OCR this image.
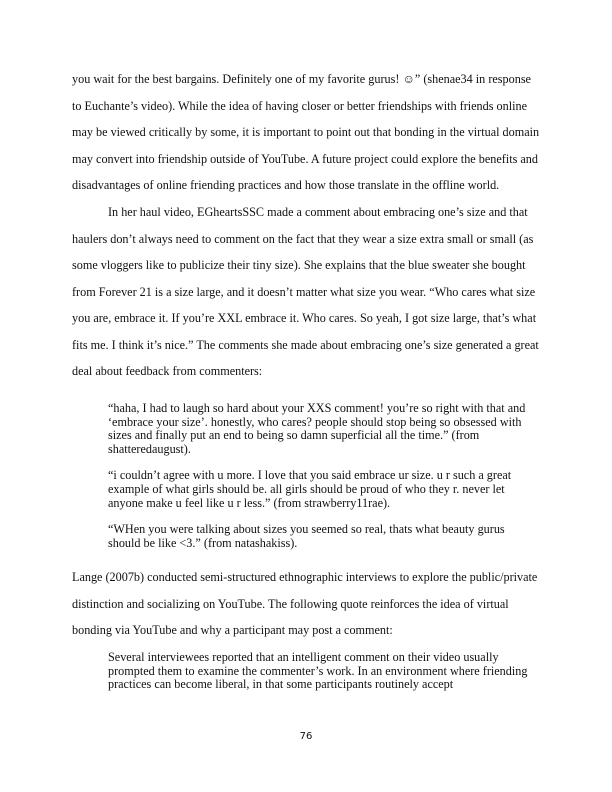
you wait for the best bargains. Definitely one of my favorite gurus! ☺” (shenae34 in response to Euchante’s video). While the idea of having closer or better friendships with friends online may be viewed critically by some, it is important to point out that bonding in the virtual domain may convert into friendship outside of YouTube. A future project could explore the benefits and disadvantages of online friending practices and how those translate in the offline world.

In her haul video, EGheartsSSC made a comment about embracing one’s size and that haulers don’t always need to comment on the fact that they wear a size extra small or small (as some vloggers like to publicize their tiny size). She explains that the blue sweater she bought from Forever 21 is a size large, and it doesn’t matter what size you wear. “Who cares what size you are, embrace it. If you’re XXL embrace it. Who cares. So yeah, I got size large, that’s what fits me. I think it’s nice.” The comments she made about embracing one’s size generated a great deal about feedback from commenters:

“haha, I had to laugh so hard about your XXS comment! you’re so right with that and ‘embrace your size’. honestly, who cares? people should stop being so obsessed with sizes and finally put an end to being so damn superficial all the time.” (from shatteredaugust).

“i couldn’t agree with u more. I love that you said embrace ur size. u r such a great example of what girls should be. all girls should be proud of who they r. never let anyone make u feel like u r less.” (from strawberry11rae).

“WHen you were talking about sizes you seemed so real, thats what beauty gurus should be like <3.” (from natashakiss).

Lange (2007b) conducted semi-structured ethnographic interviews to explore the public/private distinction and socializing on YouTube. The following quote reinforces the idea of virtual bonding via YouTube and why a participant may post a comment:

Several interviewees reported that an intelligent comment on their video usually prompted them to examine the commenter’s work. In an environment where friending practices can become liberal, in that some participants routinely accept

76
